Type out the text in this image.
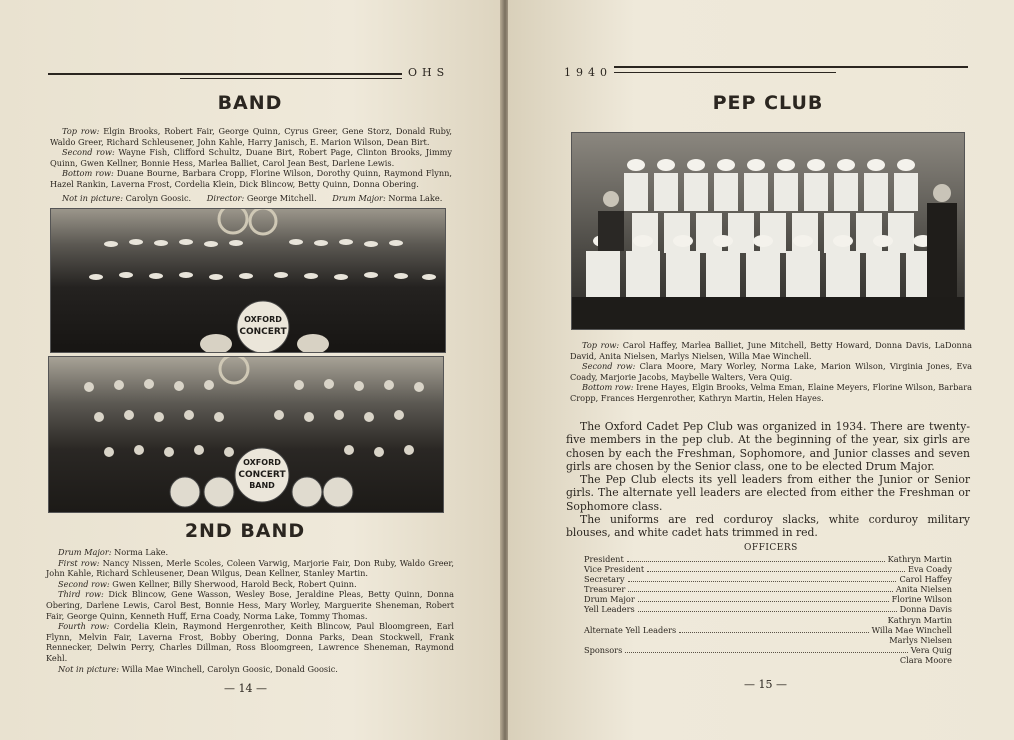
OHS
BAND

Top row: Elgin Brooks, Robert Fair, George Quinn, Cyrus Greer, Gene Storz, Donald Ruby, Waldo Greer, Richard Schleusener, John Kahle, Harry Janisch, E. Marion Wilson, Dean Birt.

Second row: Wayne Fish, Clifford Schultz, Duane Birt, Robert Page, Clinton Brooks, Jimmy Quinn, Gwen Kellner, Bonnie Hess, Marlea Balliet, Carol Jean Best, Darlene Lewis.

Bottom row: Duane Bourne, Barbara Cropp, Florine Wilson, Dorothy Quinn, Raymond Flynn, Hazel Rankin, Laverna Frost, Cordelia Klein, Dick Blincow, Betty Quinn, Donna Obering.

Not in picture: Carolyn Goosic. Director: George Mitchell. Drum Major: Norma Lake.

OXFORD
CONCERT
OXFORD
CONCERT
BAND
2ND BAND

Drum Major: Norma Lake.

First row: Nancy Nissen, Merle Scoles, Coleen Varwig, Marjorie Fair, Don Ruby, Waldo Greer, John Kahle, Richard Schleusener, Dean Wilgus, Dean Kellner, Stanley Martin.

Second row: Gwen Kellner, Billy Sherwood, Harold Beck, Robert Quinn.

Third row: Dick Blincow, Gene Wasson, Wesley Bose, Jeraldine Pleas, Betty Quinn, Donna Obering, Darlene Lewis, Carol Best, Bonnie Hess, Mary Worley, Marguerite Sheneman, Robert Fair, George Quinn, Kenneth Huff, Erna Coady, Norma Lake, Tommy Thomas.

Fourth row: Cordelia Klein, Raymond Hergenrother, Keith Blincow, Paul Bloomgreen, Earl Flynn, Melvin Fair, Laverna Frost, Bobby Obering, Donna Parks, Dean Stockwell, Frank Rennecker, Delwin Perry, Charles Dillman, Ross Bloomgreen, Lawrence Sheneman, Raymond Kehl.

Not in picture: Willa Mae Winchell, Carolyn Goosic, Donald Goosic.

— 14 —
1940
PEP CLUB

Top row: Carol Haffey, Marlea Balliet, June Mitchell, Betty Howard, Donna Davis, LaDonna David, Anita Nielsen, Marlys Nielsen, Willa Mae Winchell.

Second row: Clara Moore, Mary Worley, Norma Lake, Marion Wilson, Virginia Jones, Eva Coady, Marjorie Jacobs, Maybelle Walters, Vera Quig.

Bottom row: Irene Hayes, Elgin Brooks, Velma Eman, Elaine Meyers, Florine Wilson, Barbara Cropp, Frances Hergenrother, Kathryn Martin, Helen Hayes.

The Oxford Cadet Pep Club was organized in 1934. There are twenty-five members in the pep club. At the beginning of the year, six girls are chosen by each the Freshman, Sophomore, and Junior classes and seven girls are chosen by the Senior class, one to be elected Drum Major.

The Pep Club elects its yell leaders from either the Junior or Senior girls. The alternate yell leaders are elected from either the Freshman or Sophomore class.

The uniforms are red corduroy slacks, white corduroy military blouses, and white cadet hats trimmed in red.

OFFICERS
President	Kathryn Martin
Vice President	Eva Coady
Secretary	Carol Haffey
Treasurer	Anita Nielsen
Drum Major	Florine Wilson
Yell Leaders	Donna Davis
Kathryn Martin
Alternate Yell Leaders	Willa Mae Winchell
Marlys Nielsen
Sponsors	Vera Quig
Clara Moore
— 15 —
